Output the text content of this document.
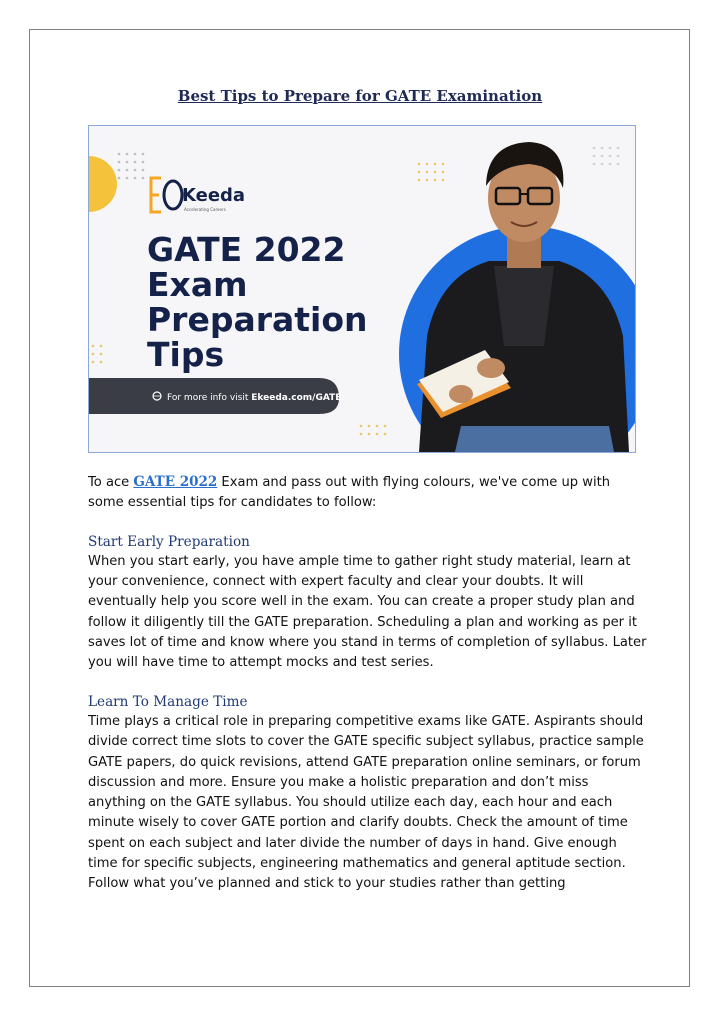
Best Tips to Prepare for GATE Examination
Keeda
Accelerating Careers
GATE 2022
Exam
Preparation
Tips
For more info visit Ekeeda.com/GATE

To ace GATE 2022 Exam and pass out with flying colours, we've come up with some essential tips for candidates to follow:

Start Early Preparation

When you start early, you have ample time to gather right study material, learn at your convenience, connect with expert faculty and clear your doubts. It will eventually help you score well in the exam. You can create a proper study plan and follow it diligently till the GATE preparation. Scheduling a plan and working as per it saves lot of time and know where you stand in terms of completion of syllabus. Later you will have time to attempt mocks and test series.

Learn To Manage Time

Time plays a critical role in preparing competitive exams like GATE. Aspirants should divide correct time slots to cover the GATE specific subject syllabus, practice sample GATE papers, do quick revisions, attend GATE preparation online seminars, or forum discussion and more. Ensure you make a holistic preparation and don’t miss anything on the GATE syllabus. You should utilize each day, each hour and each minute wisely to cover GATE portion and clarify doubts. Check the amount of time spent on each subject and later divide the number of days in hand. Give enough time for specific subjects, engineering mathematics and general aptitude section. Follow what you’ve planned and stick to your studies rather than getting
